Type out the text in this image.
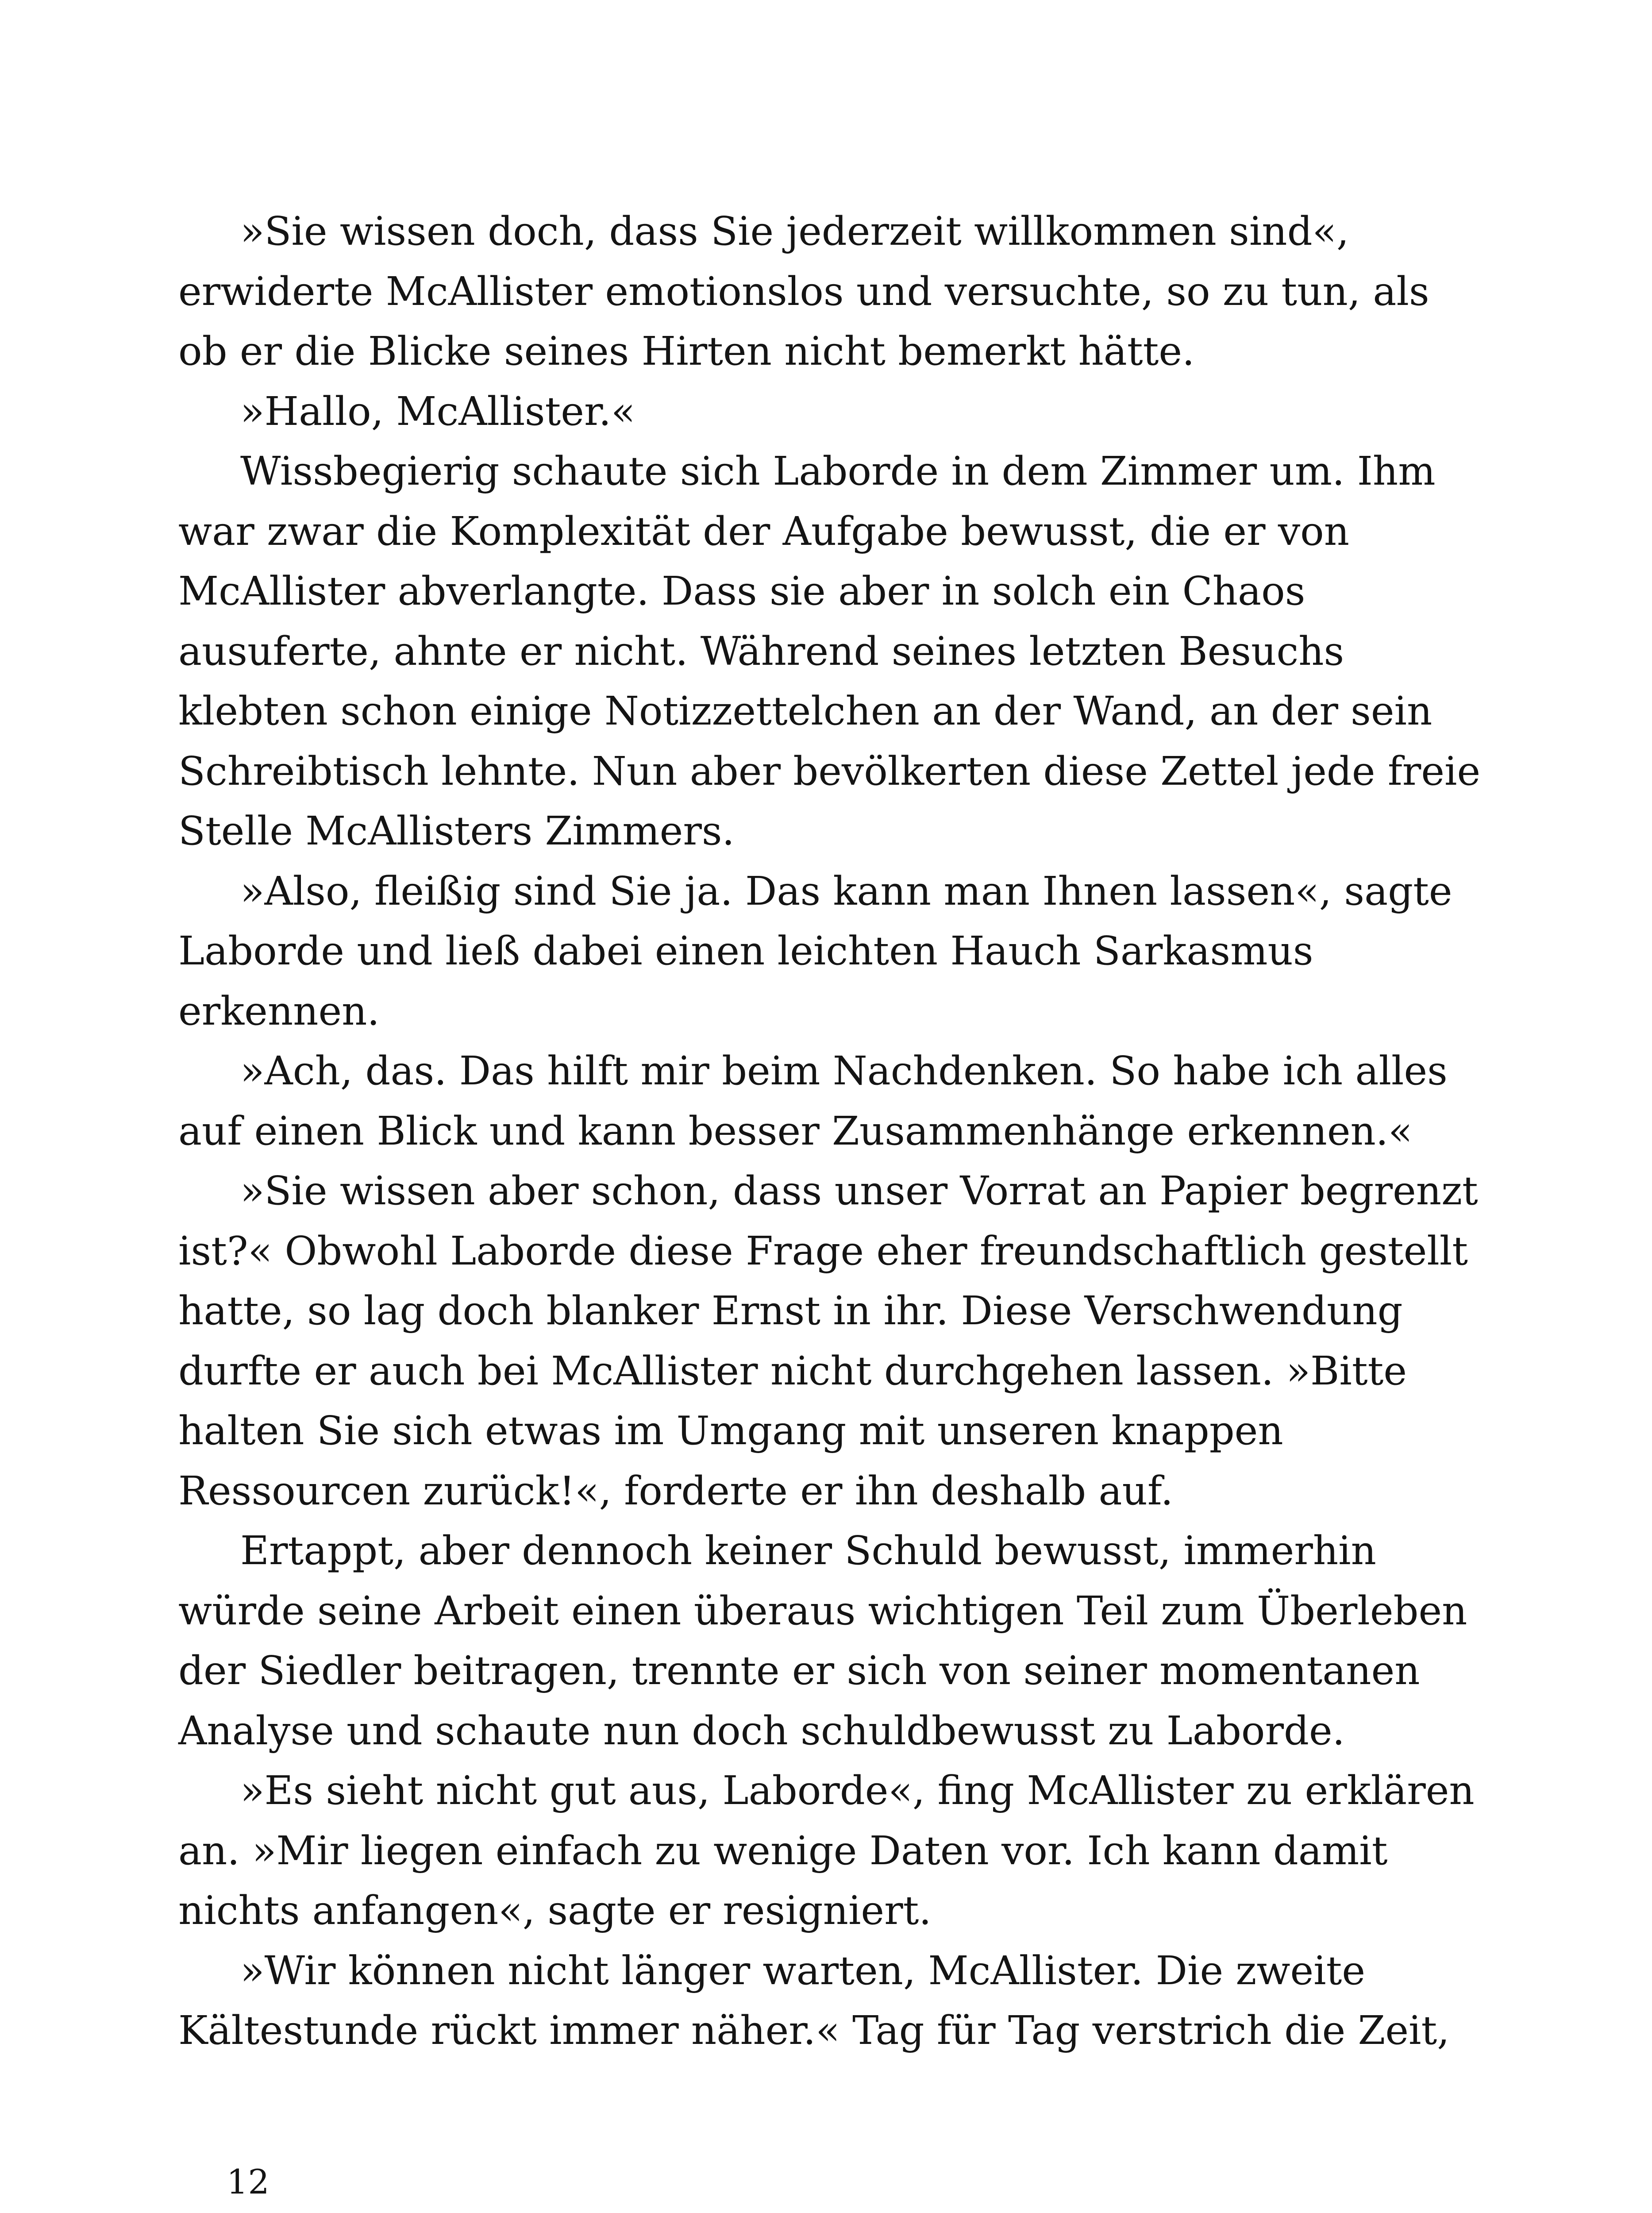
»Sie wissen doch, dass Sie jederzeit willkommen sind«,
erwiderte McAllister emotionslos und versuchte, so zu tun, als
ob er die Blicke seines Hirten nicht bemerkt hätte.
»Hallo, McAllister.«
Wissbegierig schaute sich Laborde in dem Zimmer um. Ihm
war zwar die Komplexität der Aufgabe bewusst, die er von
McAllister abverlangte. Dass sie aber in solch ein Chaos
ausuferte, ahnte er nicht. Während seines letzten Besuchs
klebten schon einige Notizzettelchen an der Wand, an der sein
Schreibtisch lehnte. Nun aber bevölkerten diese Zettel jede freie
Stelle McAllisters Zimmers.
»Also, fleißig sind Sie ja. Das kann man Ihnen lassen«, sagte
Laborde und ließ dabei einen leichten Hauch Sarkasmus
erkennen.
»Ach, das. Das hilft mir beim Nachdenken. So habe ich alles
auf einen Blick und kann besser Zusammenhänge erkennen.«
»Sie wissen aber schon, dass unser Vorrat an Papier begrenzt
ist?« Obwohl Laborde diese Frage eher freundschaftlich gestellt
hatte, so lag doch blanker Ernst in ihr. Diese Verschwendung
durfte er auch bei McAllister nicht durchgehen lassen. »Bitte
halten Sie sich etwas im Umgang mit unseren knappen
Ressourcen zurück!«, forderte er ihn deshalb auf.
Ertappt, aber dennoch keiner Schuld bewusst, immerhin
würde seine Arbeit einen überaus wichtigen Teil zum Überleben
der Siedler beitragen, trennte er sich von seiner momentanen
Analyse und schaute nun doch schuldbewusst zu Laborde.
»Es sieht nicht gut aus, Laborde«, fing McAllister zu erklären
an. »Mir liegen einfach zu wenige Daten vor. Ich kann damit
nichts anfangen«, sagte er resigniert.
»Wir können nicht länger warten, McAllister. Die zweite
Kältestunde rückt immer näher.« Tag für Tag verstrich die Zeit,
12
